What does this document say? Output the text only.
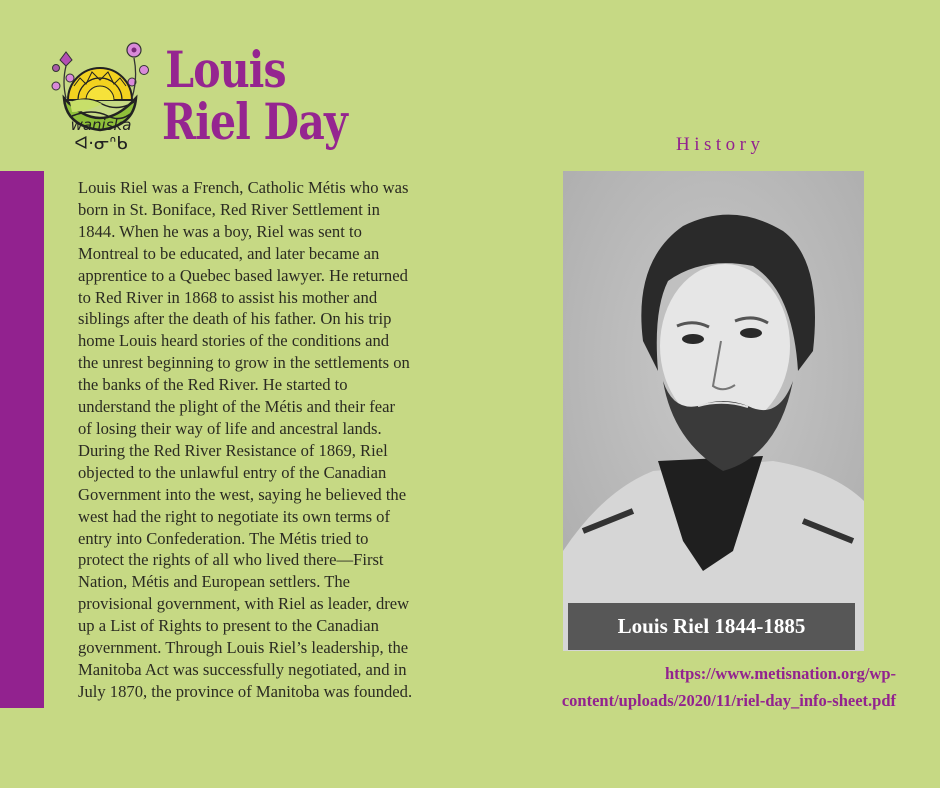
waniska
ᐊ·ᓂᐢᑲ
Louis
Riel Day
Louis Riel was a French, Catholic Métis who was
born in St. Boniface, Red River Settlement in
1844. When he was a boy, Riel was sent to
Montreal to be educated, and later became an
apprentice to a Quebec based lawyer. He returned
to Red River in 1868 to assist his mother and
siblings after the death of his father. On his trip
home Louis heard stories of the conditions and
the unrest beginning to grow in the settlements on
the banks of the Red River. He started to
understand the plight of the Métis and their fear
of losing their way of life and ancestral lands.
During the Red River Resistance of 1869, Riel
objected to the unlawful entry of the Canadian
Government into the west, saying he believed the
west had the right to negotiate its own terms of
entry into Confederation. The Métis tried to
protect the rights of all who lived there—First
Nation, Métis and European settlers. The
provisional government, with Riel as leader, drew
up a List of Rights to present to the Canadian
government. Through Louis Riel’s leadership, the
Manitoba Act was successfully negotiated, and in
July 1870, the province of Manitoba was founded.
History
Louis Riel 1844-1885
https://www.metisnation.org/wp-
content/uploads/2020/11/riel-day_info-sheet.pdf
